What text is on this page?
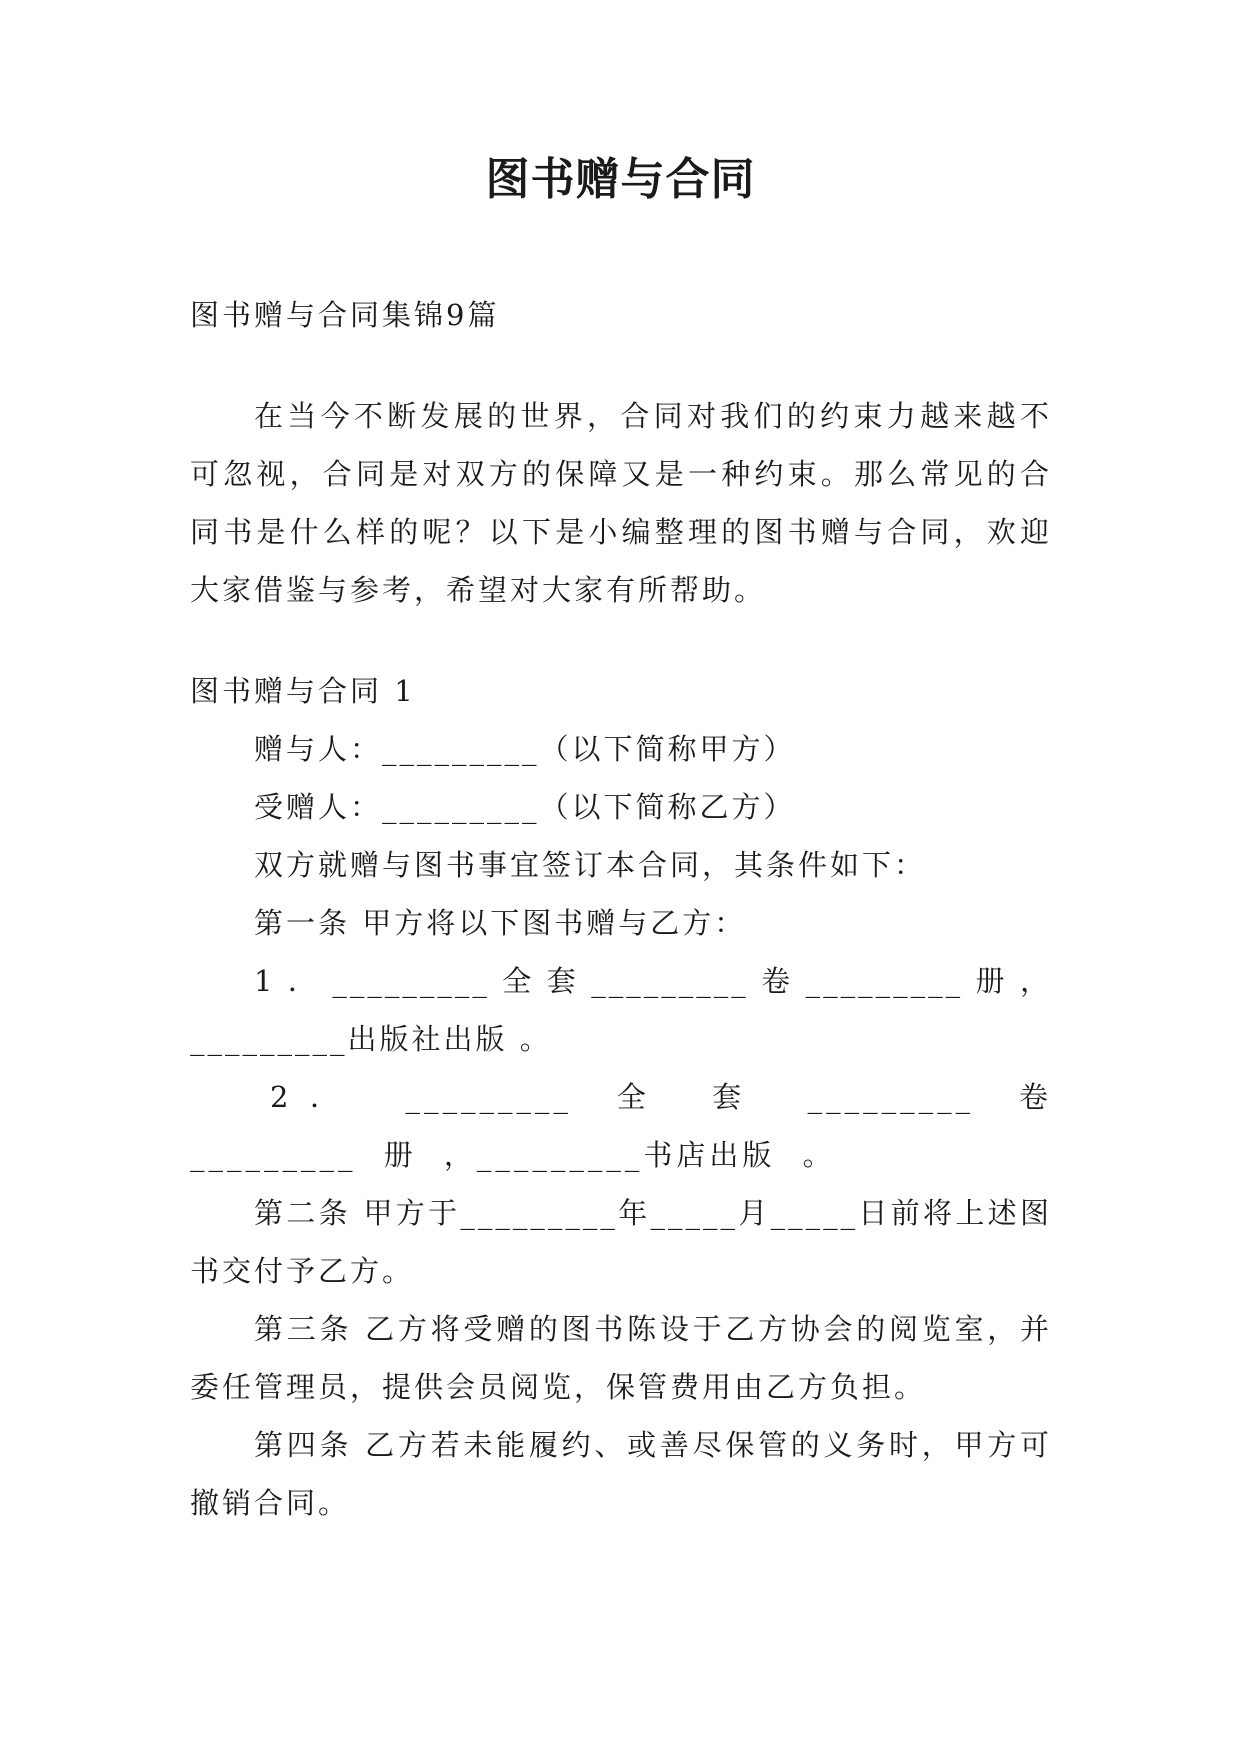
图书赠与合同

图书赠与合同集锦9篇

在当今不断发展的世界，合同对我们的约束力越来越不可忽视，合同是对双方的保障又是一种约束。那么常见的合同书是什么样的呢？以下是小编整理的图书赠与合同，欢迎大家借鉴与参考，希望对大家有所帮助。

图书赠与合同 1

赠与人：_________（以下简称甲方）

受赠人：_________（以下简称乙方）

双方就赠与图书事宜签订本合同，其条件如下：

第一条 甲方将以下图书赠与乙方：

1．_________全套_________卷_________册，_________出版社出版 。

2． _________ 全 套 _________ 卷 _________ 册 ，_________书店出版 。

第二条 甲方于_________年_____月_____日前将上述图书交付予乙方。

第三条 乙方将受赠的图书陈设于乙方协会的阅览室，并委任管理员，提供会员阅览，保管费用由乙方负担。

第四条 乙方若未能履约、或善尽保管的义务时，甲方可撤销合同。
